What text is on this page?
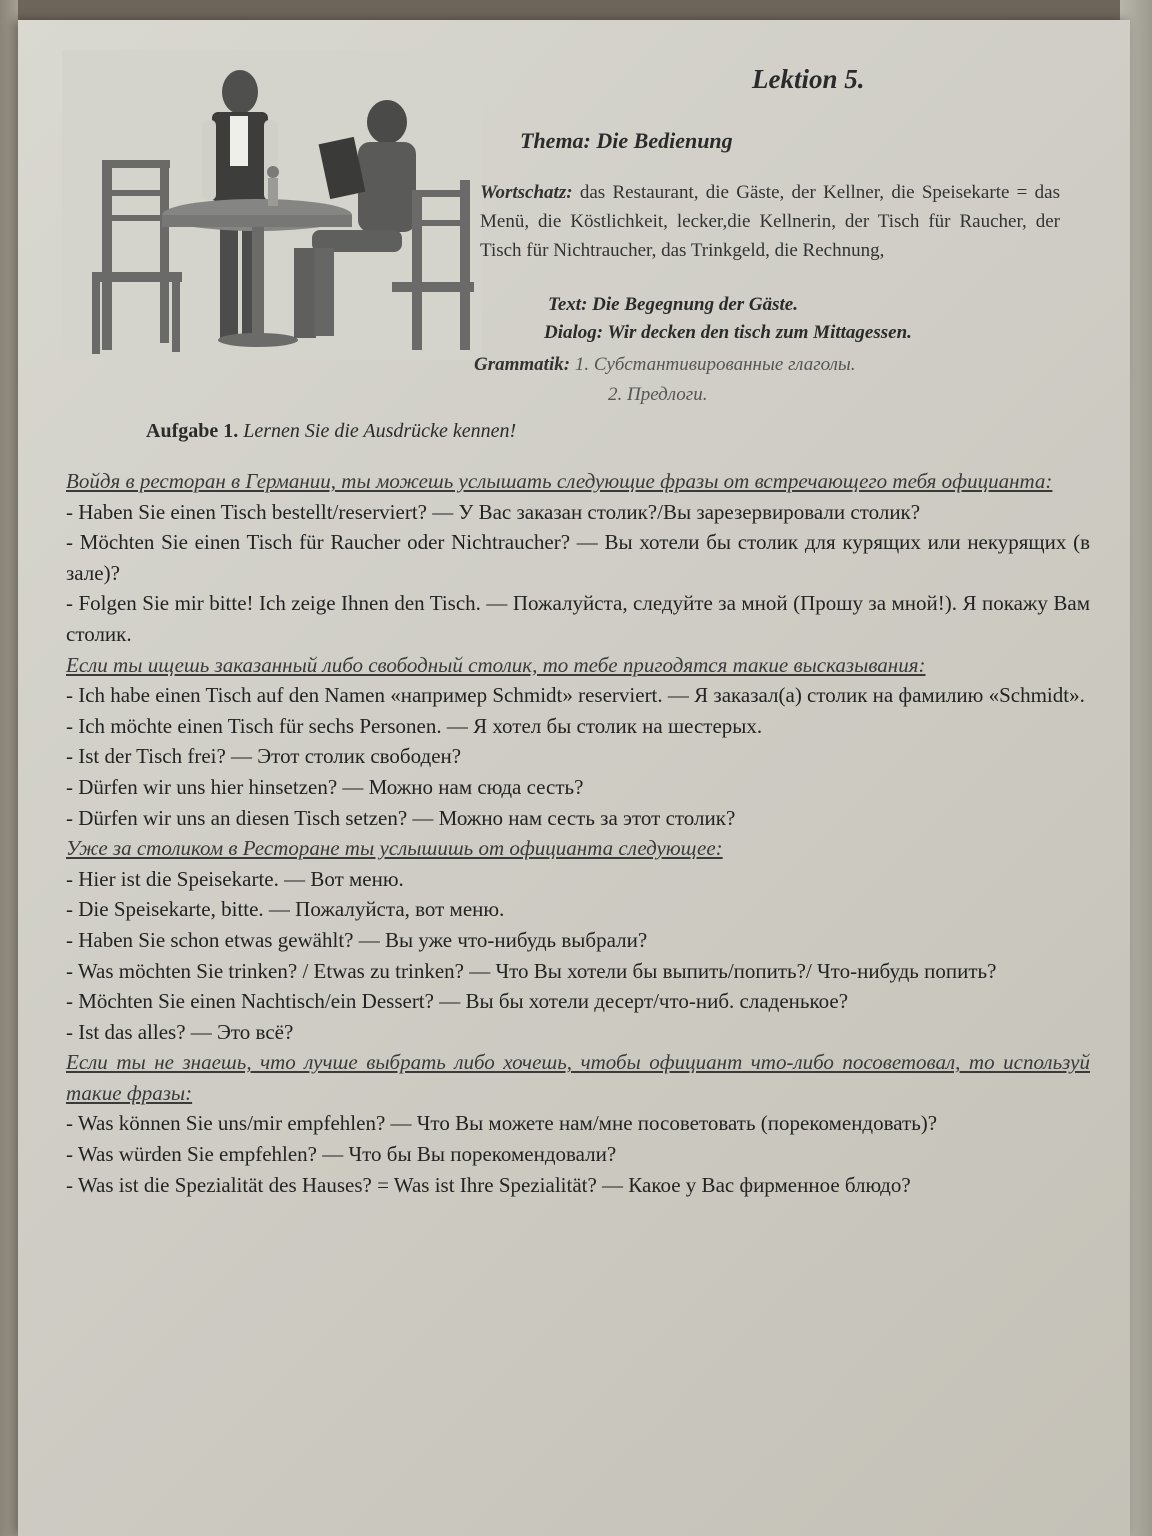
Lektion 5.
Thema: Die Bedienung
Wortschatz: das Restaurant, die Gäste, der Kellner, die Speisekarte = das Menü, die Köstlichkeit, lecker,die Kellnerin, der Tisch für Raucher, der Tisch für Nichtraucher, das Trinkgeld, die Rechnung,
Text: Die Begegnung der Gäste.
Dialog: Wir decken den tisch zum Mittagessen.
Grammatik: 1. Субстантивированные глаголы.
2. Предлоги.
Aufgabe 1. Lernen Sie die Ausdrücke kennen!

Войдя в ресторан в Германии, ты можешь услышать следующие фразы от встречающего тебя официанта:

- Haben Sie einen Tisch bestellt/reserviert? — У Вас заказан столик?/Вы зарезервировали столик?

- Möchten Sie einen Tisch für Raucher oder Nichtraucher? — Вы хотели бы столик для курящих или некурящих (в зале)?

- Folgen Sie mir bitte! Ich zeige Ihnen den Tisch. — Пожалуйста, следуйте за мной (Прошу за мной!). Я покажу Вам столик.

Если ты ищешь заказанный либо свободный столик, то тебе пригодятся такие высказывания:

- Ich habe einen Tisch auf den Namen «например Schmidt» reserviert. — Я заказал(а) столик на фамилию «Schmidt».

- Ich möchte einen Tisch für sechs Personen. — Я хотел бы столик на шестерых.

- Ist der Tisch frei? — Этот столик свободен?

- Dürfen wir uns hier hinsetzen? — Можно нам сюда сесть?

- Dürfen wir uns an diesen Tisch setzen? — Можно нам сесть за этот столик?

Уже за столиком в Ресторане ты услышишь от официанта следующее:

- Hier ist die Speisekarte. — Вот меню.

- Die Speisekarte, bitte. — Пожалуйста, вот меню.

- Haben Sie schon etwas gewählt? — Вы уже что-нибудь выбрали?

- Was möchten Sie trinken? / Etwas zu trinken? — Что Вы хотели бы выпить/попить?/ Что-нибудь попить?

- Möchten Sie einen Nachtisch/ein Dessert? — Вы бы хотели десерт/что-ниб. сладенькое?

- Ist das alles? — Это всё?

Если ты не знаешь, что лучше выбрать либо хочешь, чтобы официант что-либо посоветовал, то используй такие фразы:

- Was können Sie uns/mir empfehlen? — Что Вы можете нам/мне посоветовать (порекомендовать)?

- Was würden Sie empfehlen? — Что бы Вы порекомендовали?

- Was ist die Spezialität des Hauses? = Was ist Ihre Spezialität? — Какое у Вас фирменное блюдо?
